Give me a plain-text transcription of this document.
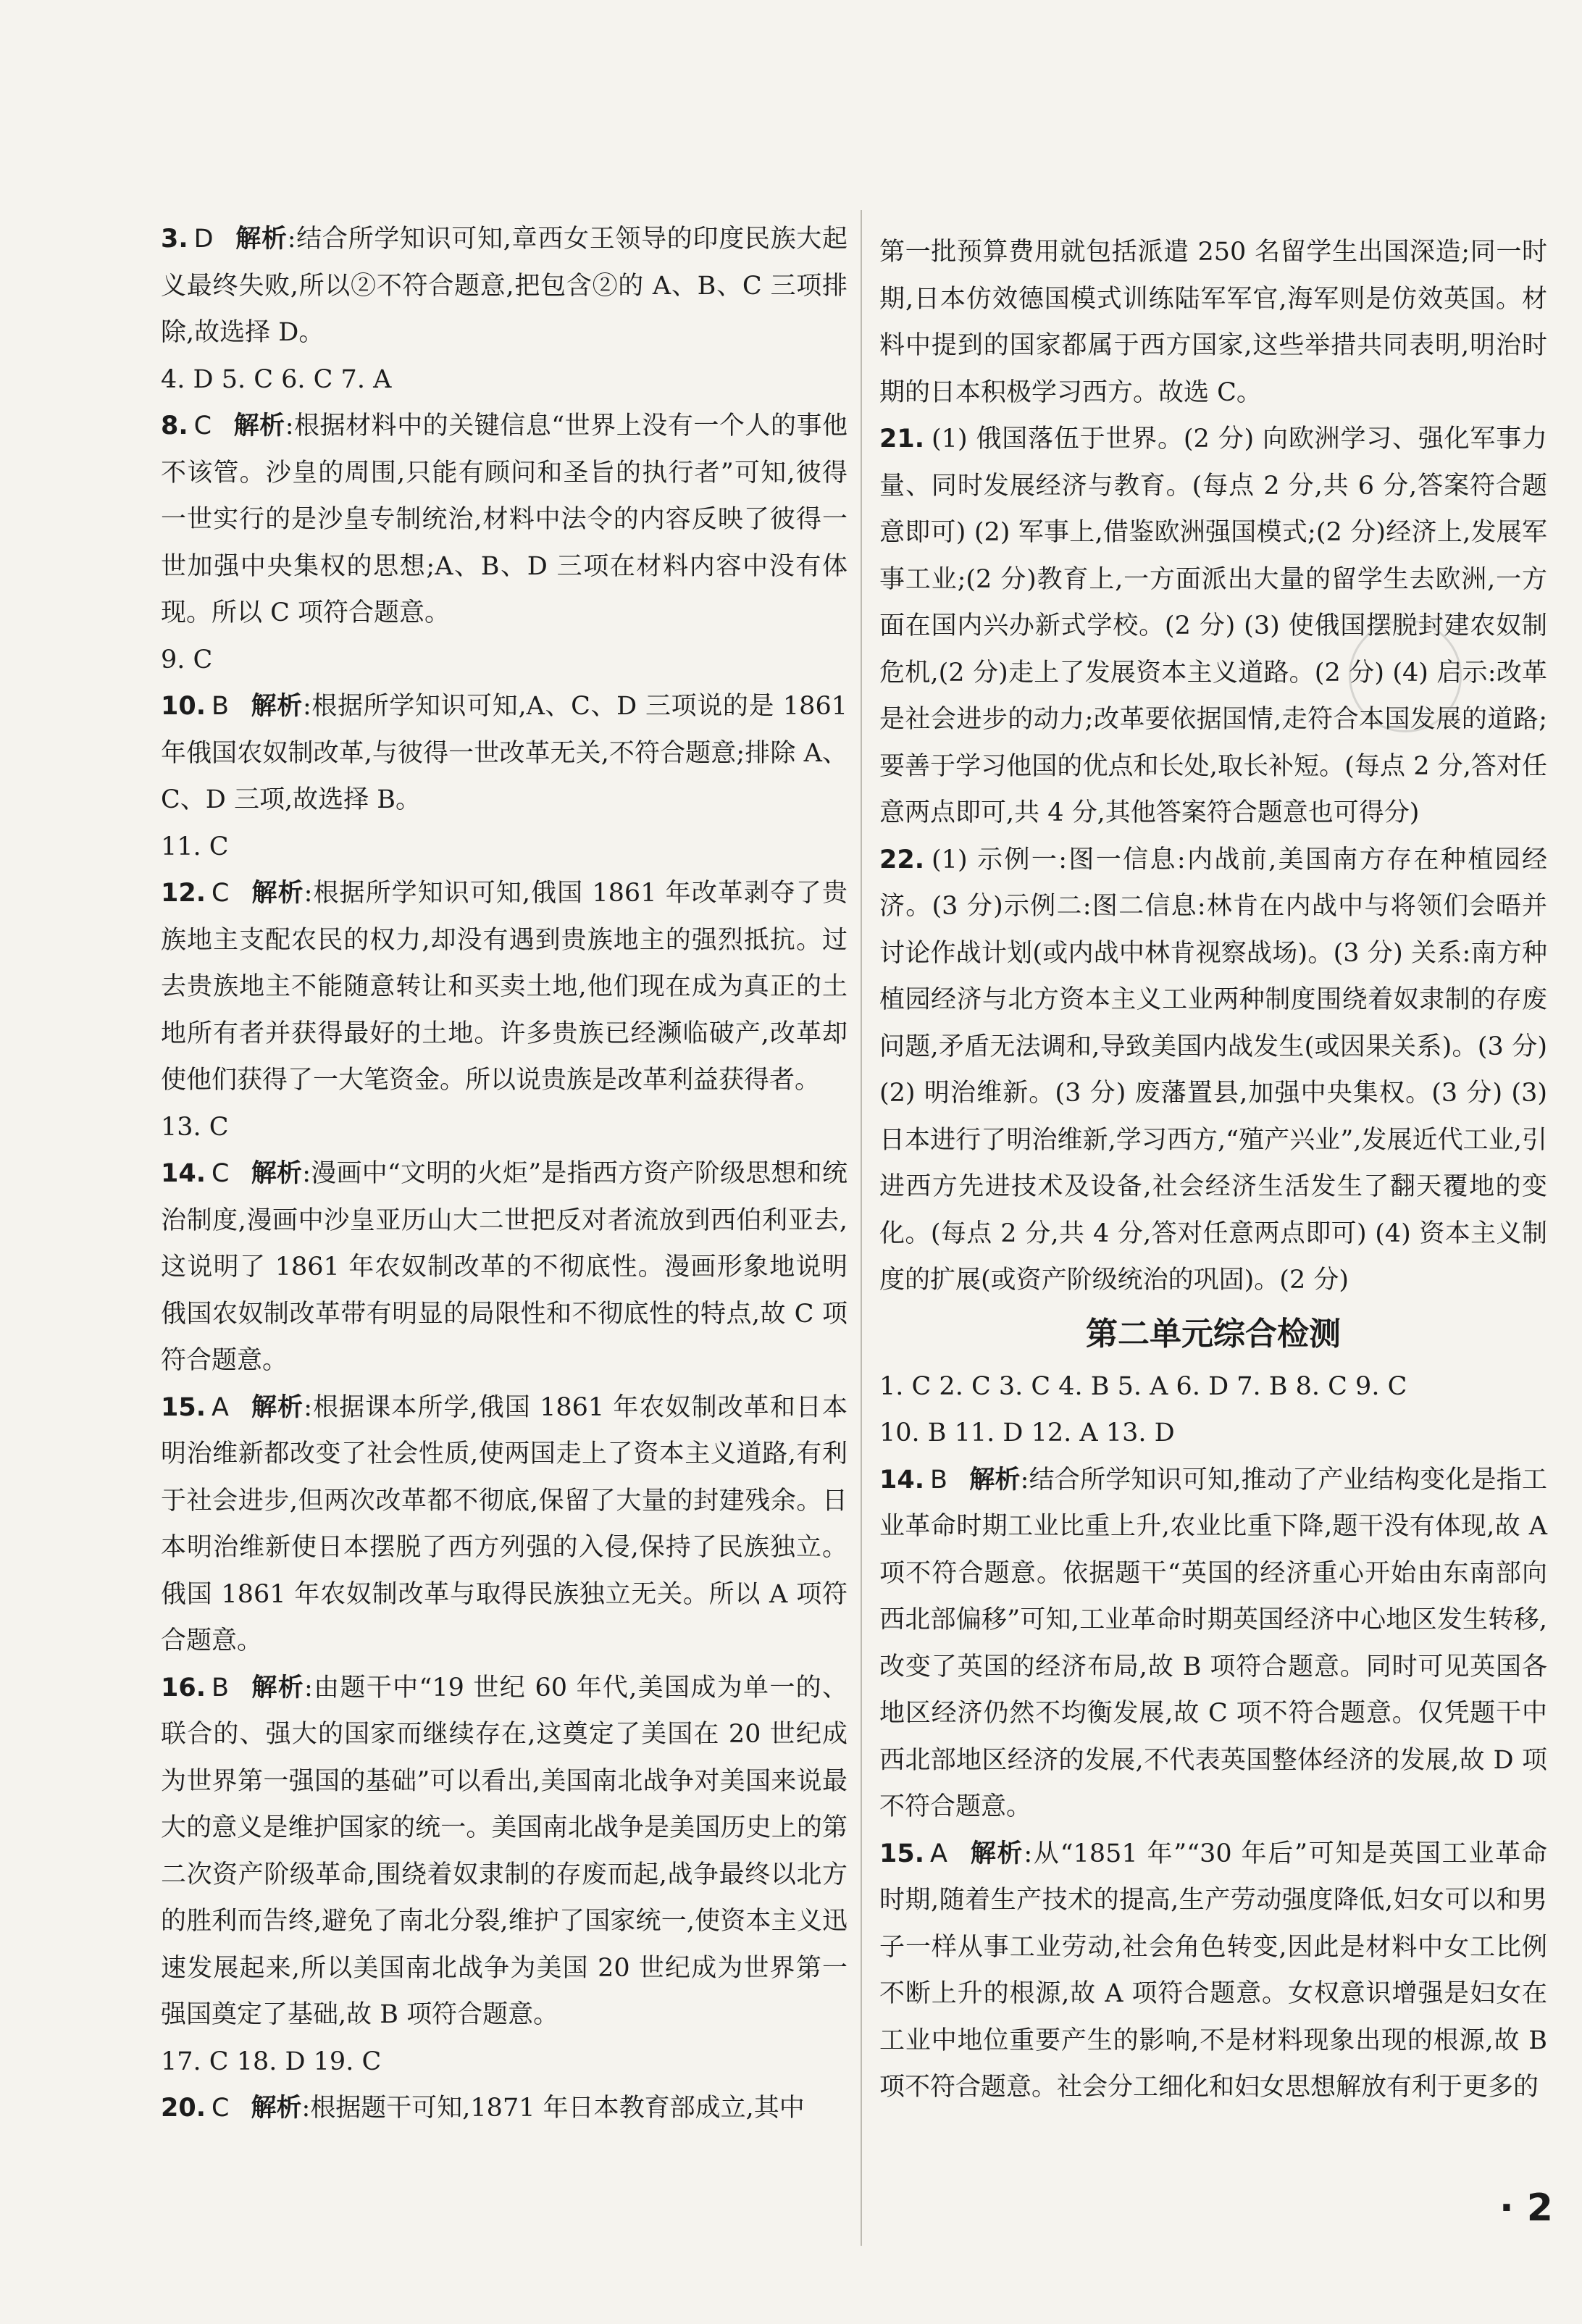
3. D 解析:结合所学知识可知,章西女王领导的印度民族大起义最终失败,所以②不符合题意,把包含②的 A、B、C 三项排除,故选择 D。

4. D 5. C 6. C 7. A

8. C 解析:根据材料中的关键信息“世界上没有一个人的事他不该管。沙皇的周围,只能有顾问和圣旨的执行者”可知,彼得一世实行的是沙皇专制统治,材料中法令的内容反映了彼得一世加强中央集权的思想;A、B、D 三项在材料内容中没有体现。所以 C 项符合题意。

9. C

10. B 解析:根据所学知识可知,A、C、D 三项说的是 1861 年俄国农奴制改革,与彼得一世改革无关,不符合题意;排除 A、C、D 三项,故选择 B。

11. C

12. C 解析:根据所学知识可知,俄国 1861 年改革剥夺了贵族地主支配农民的权力,却没有遇到贵族地主的强烈抵抗。过去贵族地主不能随意转让和买卖土地,他们现在成为真正的土地所有者并获得最好的土地。许多贵族已经濒临破产,改革却使他们获得了一大笔资金。所以说贵族是改革利益获得者。

13. C

14. C 解析:漫画中“文明的火炬”是指西方资产阶级思想和统治制度,漫画中沙皇亚历山大二世把反对者流放到西伯利亚去,这说明了 1861 年农奴制改革的不彻底性。漫画形象地说明俄国农奴制改革带有明显的局限性和不彻底性的特点,故 C 项符合题意。

15. A 解析:根据课本所学,俄国 1861 年农奴制改革和日本明治维新都改变了社会性质,使两国走上了资本主义道路,有利于社会进步,但两次改革都不彻底,保留了大量的封建残余。日本明治维新使日本摆脱了西方列强的入侵,保持了民族独立。俄国 1861 年农奴制改革与取得民族独立无关。所以 A 项符合题意。

16. B 解析:由题干中“19 世纪 60 年代,美国成为单一的、联合的、强大的国家而继续存在,这奠定了美国在 20 世纪成为世界第一强国的基础”可以看出,美国南北战争对美国来说最大的意义是维护国家的统一。美国南北战争是美国历史上的第二次资产阶级革命,围绕着奴隶制的存废而起,战争最终以北方的胜利而告终,避免了南北分裂,维护了国家统一,使资本主义迅速发展起来,所以美国南北战争为美国 20 世纪成为世界第一强国奠定了基础,故 B 项符合题意。

17. C 18. D 19. C

20. C 解析:根据题干可知,1871 年日本教育部成立,其中

第一批预算费用就包括派遣 250 名留学生出国深造;同一时期,日本仿效德国模式训练陆军军官,海军则是仿效英国。材料中提到的国家都属于西方国家,这些举措共同表明,明治时期的日本积极学习西方。故选 C。

21. (1) 俄国落伍于世界。(2 分) 向欧洲学习、强化军事力量、同时发展经济与教育。(每点 2 分,共 6 分,答案符合题意即可) (2) 军事上,借鉴欧洲强国模式;(2 分)经济上,发展军事工业;(2 分)教育上,一方面派出大量的留学生去欧洲,一方面在国内兴办新式学校。(2 分) (3) 使俄国摆脱封建农奴制危机,(2 分)走上了发展资本主义道路。(2 分) (4) 启示:改革是社会进步的动力;改革要依据国情,走符合本国发展的道路;要善于学习他国的优点和长处,取长补短。(每点 2 分,答对任意两点即可,共 4 分,其他答案符合题意也可得分)

22. (1) 示例一:图一信息:内战前,美国南方存在种植园经济。(3 分)示例二:图二信息:林肯在内战中与将领们会晤并讨论作战计划(或内战中林肯视察战场)。(3 分) 关系:南方种植园经济与北方资本主义工业两种制度围绕着奴隶制的存废问题,矛盾无法调和,导致美国内战发生(或因果关系)。(3 分) (2) 明治维新。(3 分) 废藩置县,加强中央集权。(3 分) (3) 日本进行了明治维新,学习西方,“殖产兴业”,发展近代工业,引进西方先进技术及设备,社会经济生活发生了翻天覆地的变化。(每点 2 分,共 4 分,答对任意两点即可) (4) 资本主义制度的扩展(或资产阶级统治的巩固)。(2 分)

第二单元综合检测

1. C 2. C 3. C 4. B 5. A 6. D 7. B 8. C 9. C

10. B 11. D 12. A 13. D

14. B 解析:结合所学知识可知,推动了产业结构变化是指工业革命时期工业比重上升,农业比重下降,题干没有体现,故 A 项不符合题意。依据题干“英国的经济重心开始由东南部向西北部偏移”可知,工业革命时期英国经济中心地区发生转移,改变了英国的经济布局,故 B 项符合题意。同时可见英国各地区经济仍然不均衡发展,故 C 项不符合题意。仅凭题干中西北部地区经济的发展,不代表英国整体经济的发展,故 D 项不符合题意。

15. A 解析:从“1851 年”“30 年后”可知是英国工业革命时期,随着生产技术的提高,生产劳动强度降低,妇女可以和男子一样从事工业劳动,社会角色转变,因此是材料中女工比例不断上升的根源,故 A 项符合题意。女权意识增强是妇女在工业中地位重要产生的影响,不是材料现象出现的根源,故 B 项不符合题意。社会分工细化和妇女思想解放有利于更多的

· 2
